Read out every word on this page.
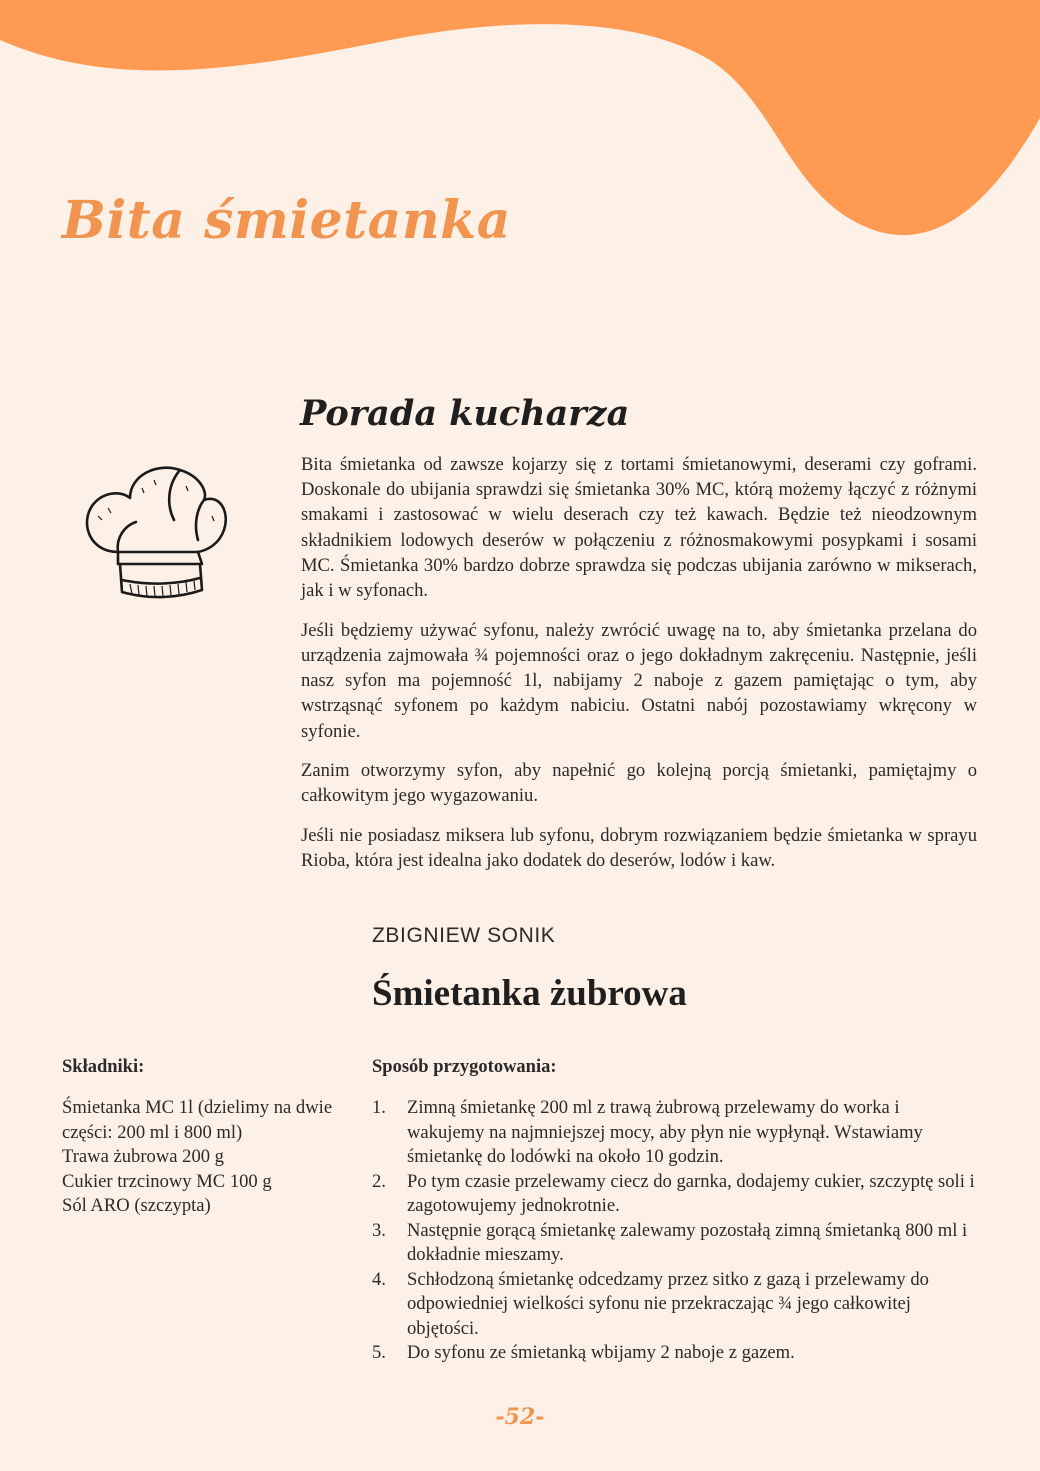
Bita śmietanka
Porada kucharza

Bita śmietanka od zawsze kojarzy się z tortami śmietanowymi, deserami czy goframi. Doskonale do ubijania sprawdzi się śmietanka 30% MC, którą możemy łączyć z różnymi smakami i zastosować w wielu deserach czy też kawach. Będzie też nieodzownym składnikiem lodowych deserów w połączeniu z różnosmakowymi posypkami i sosami MC. Śmietanka 30% bardzo dobrze sprawdza się podczas ubijania zarówno w mikserach, jak i w syfonach.

Jeśli będziemy używać syfonu, należy zwrócić uwagę na to, aby śmietanka przelana do urządzenia zajmowała ¾ pojemności oraz o jego dokładnym zakręceniu. Następnie, jeśli nasz syfon ma pojemność 1l, nabijamy 2 naboje z gazem pamiętając o tym, aby wstrząsnąć syfonem po każdym nabiciu. Ostatni nabój pozostawiamy wkręcony w syfonie.

Zanim otworzymy syfon, aby napełnić go kolejną porcją śmietanki, pamiętajmy o całkowitym jego wygazowaniu.

Jeśli nie posiadasz miksera lub syfonu, dobrym rozwiązaniem będzie śmietanka w sprayu Rioba, która jest idealna jako dodatek do deserów, lodów i kaw.

ZBIGNIEW SONIK
Śmietanka żubrowa
Składniki:
Śmietanka MC 1l (dzielimy na dwie części: 200 ml i 800 ml)
Trawa żubrowa 200 g
Cukier trzcinowy MC 100 g
Sól ARO (szczypta)
Sposób przygotowania:
1. Zimną śmietankę 200 ml z trawą żubrową przelewamy do worka i wakujemy na najmniejszej mocy, aby płyn nie wypłynął. Wstawiamy śmietankę do lodówki na około 10 godzin.
2. Po tym czasie przelewamy ciecz do garnka, dodajemy cukier, szczyptę soli i zagotowujemy jednokrotnie.
3. Następnie gorącą śmietankę zalewamy pozostałą zimną śmietanką 800 ml i dokładnie mieszamy.
4. Schłodzoną śmietankę odcedzamy przez sitko z gazą i przelewamy do odpowiedniej wielkości syfonu nie przekraczając ¾ jego całkowitej objętości.
5. Do syfonu ze śmietanką wbijamy 2 naboje z gazem.
-52-
